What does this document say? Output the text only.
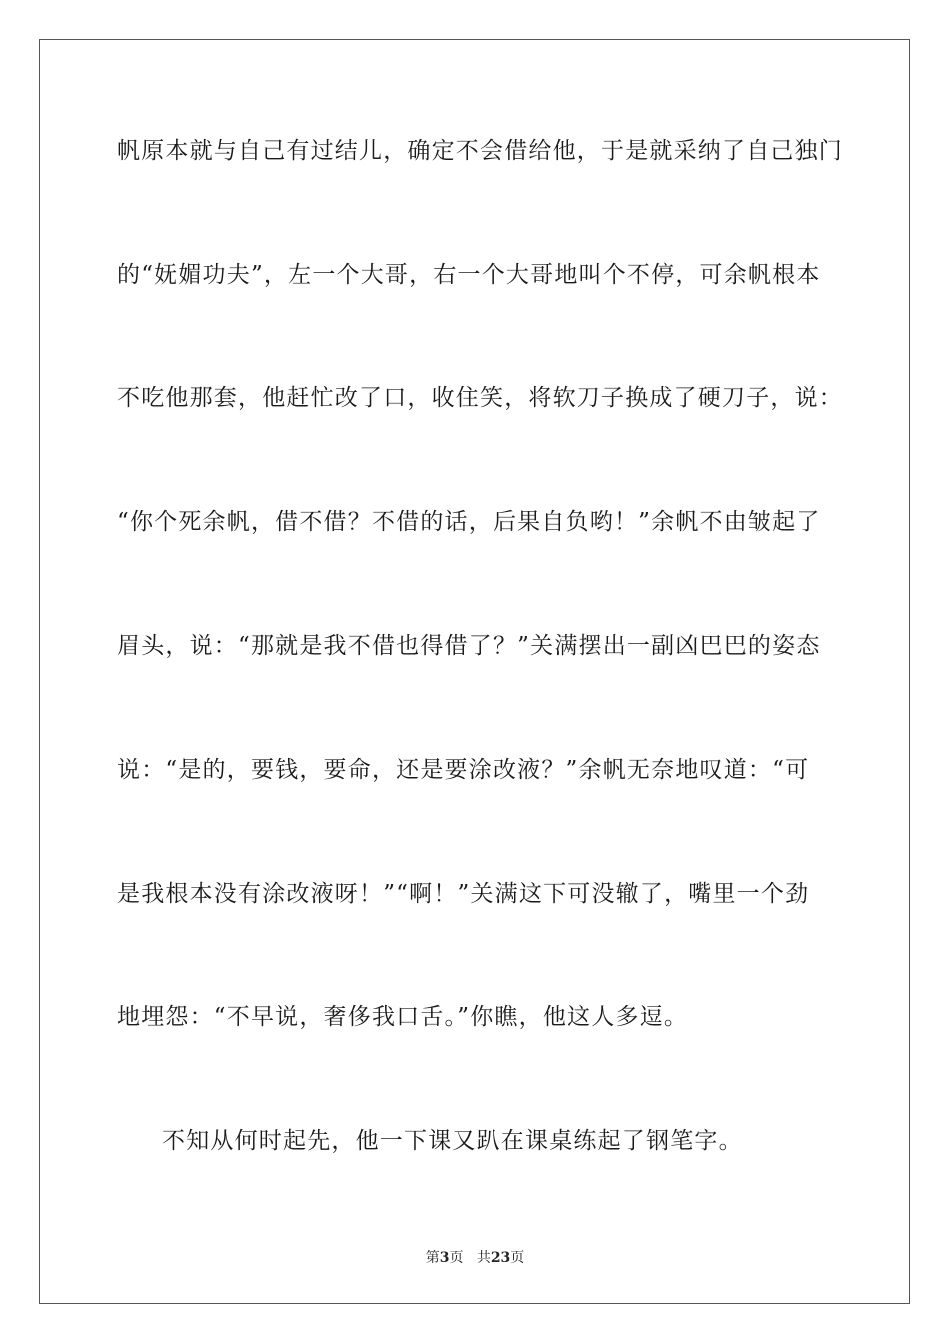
帆原本就与自己有过结儿，确定不会借给他，于是就采纳了自己独门
的“妩媚功夫”，左一个大哥，右一个大哥地叫个不停，可余帆根本
不吃他那套，他赶忙改了口，收住笑，将软刀子换成了硬刀子，说：
“你个死余帆，借不借？不借的话，后果自负哟！”余帆不由皱起了
眉头，说：“那就是我不借也得借了？”关满摆出一副凶巴巴的姿态
说：“是的，要钱，要命，还是要涂改液？”余帆无奈地叹道：“可
是我根本没有涂改液呀！”“啊！”关满这下可没辙了，嘴里一个劲
地埋怨：“不早说，奢侈我口舌。”你瞧，他这人多逗。
不知从何时起先，他一下课又趴在课桌练起了钢笔字。
第3页 共23页
